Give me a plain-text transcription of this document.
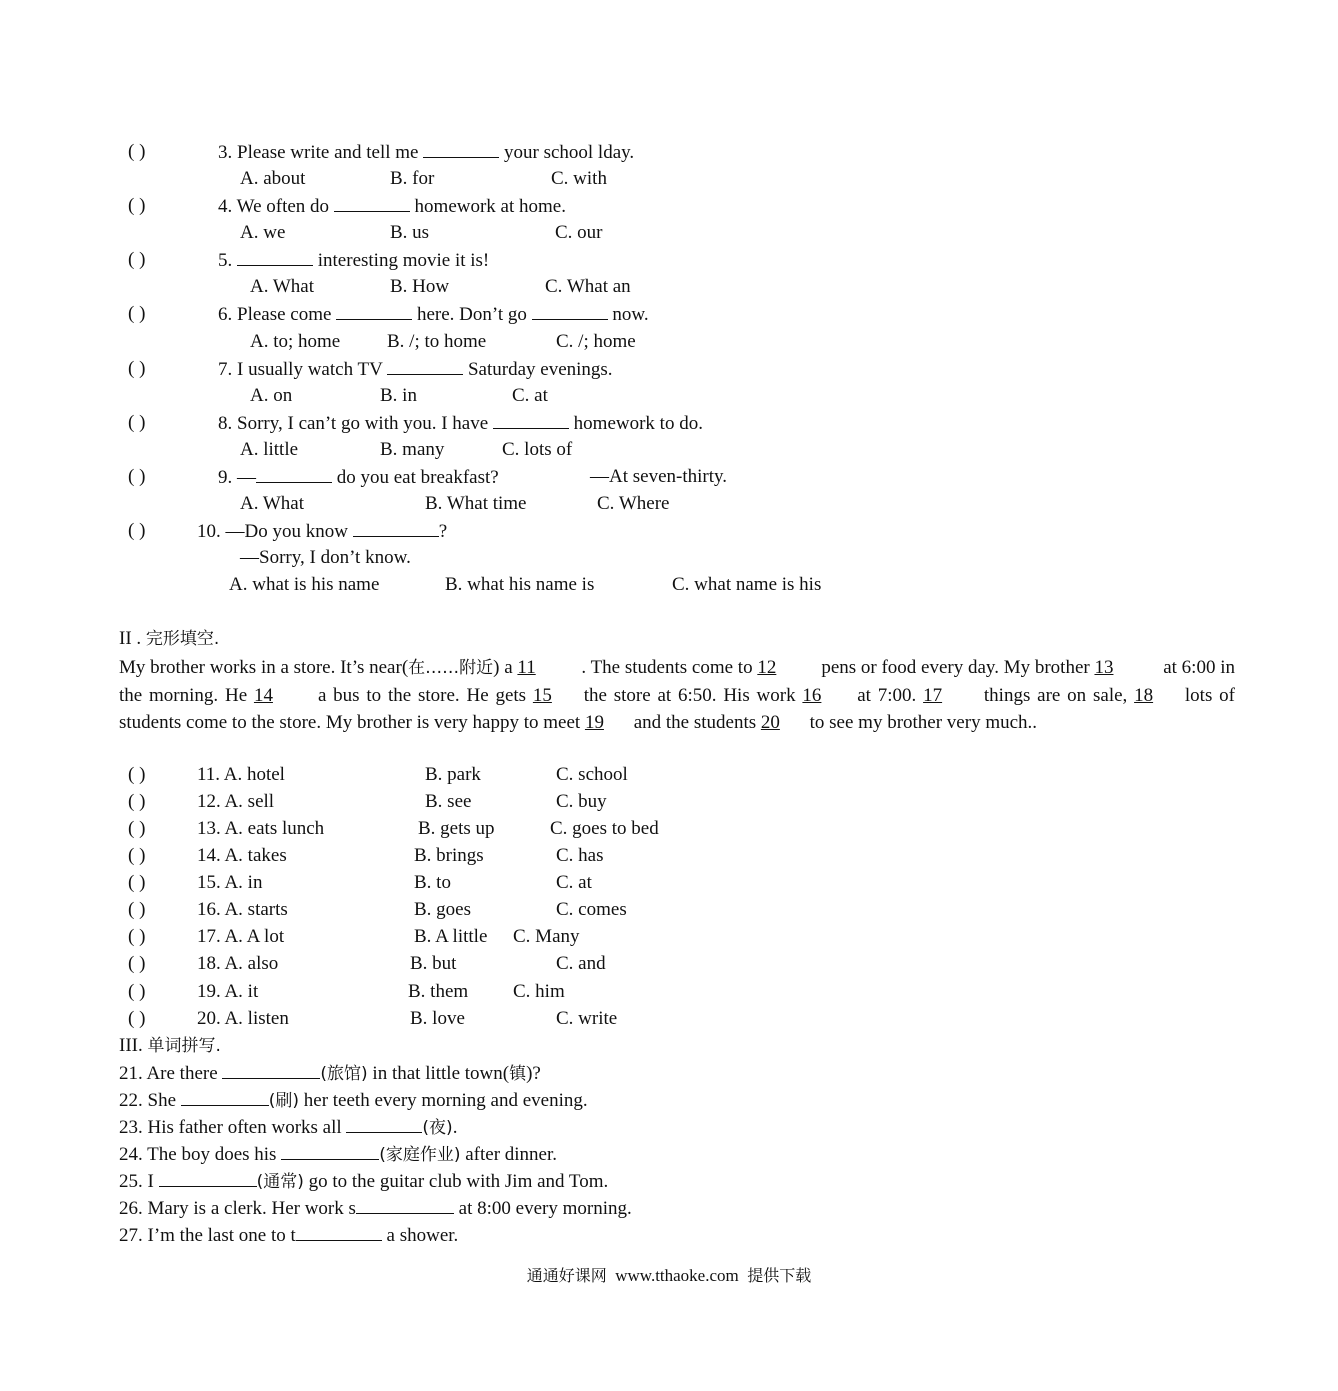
( )	3. Please write and tell me	your school lday.
A. about	B. for	C. with
( )	4. We often do	homework at home.
A. we	B. us	C. our
( )	5.	interesting movie it is!
A. What	B. How	C. What an
( )	6. Please come	here. Don’t go	now.
A. to; home B. /; to home	C. /; home
( )	7. I usually watch TV	Saturday evenings.
A. on	B. in	C. at
( )	8. Sorry, I can’t go with you. I have	homework to do.
A. little	B. many	C. lots of
( )	9. —	do you eat breakfast?	—At seven-thirty.
A. What	B. What time	C. Where
( )	10. —Do you know	?
—Sorry, I don’t know.
A. what is his name	B. what his name is	C. what name is his
II . 完形填空.
My brother works in a store. It’s near(在……附近) a 11 . The students come to 12 pens or food every day. My brother 13 at 6:00 in the morning. He 14 a bus to the store. He gets 15 the store at 6:50. His work 16 at 7:00. 17 things are on sale, 18 lots of students come to the store. My brother is very happy to meet 19 and the students 20 to see my brother very much..
( )	11. A. hotel	B. park	C. school
( )	12. A. sell	B. see	C. buy
( )	13. A. eats lunch	B. gets up	C. goes to bed
( )	14. A. takes	B. brings	C. has
( )	15. A. in	B. to	C. at
( )	16. A. starts	B. goes	C. comes
( )	17. A. A lot	B. A little C. Many
( )	18. A. also	B. but	C. and
( )	19. A. it	B. them C. him
( )	20. A. listen	B. love	C. write
III. 单词拼写.
21. Are there	(旅馆) in that little town(镇)?
22. She	(刷) her teeth every morning and evening.
23. His father often works all	(夜).
24. The boy does his	(家庭作业) after dinner.
25. I	(通常) go to the guitar club with Jim and Tom.
26. Mary is a clerk. Her work s	at 8:00 every morning.
27. I’m the last one to t	a shower.
通通好课网 www.tthaoke.com 提供下载
